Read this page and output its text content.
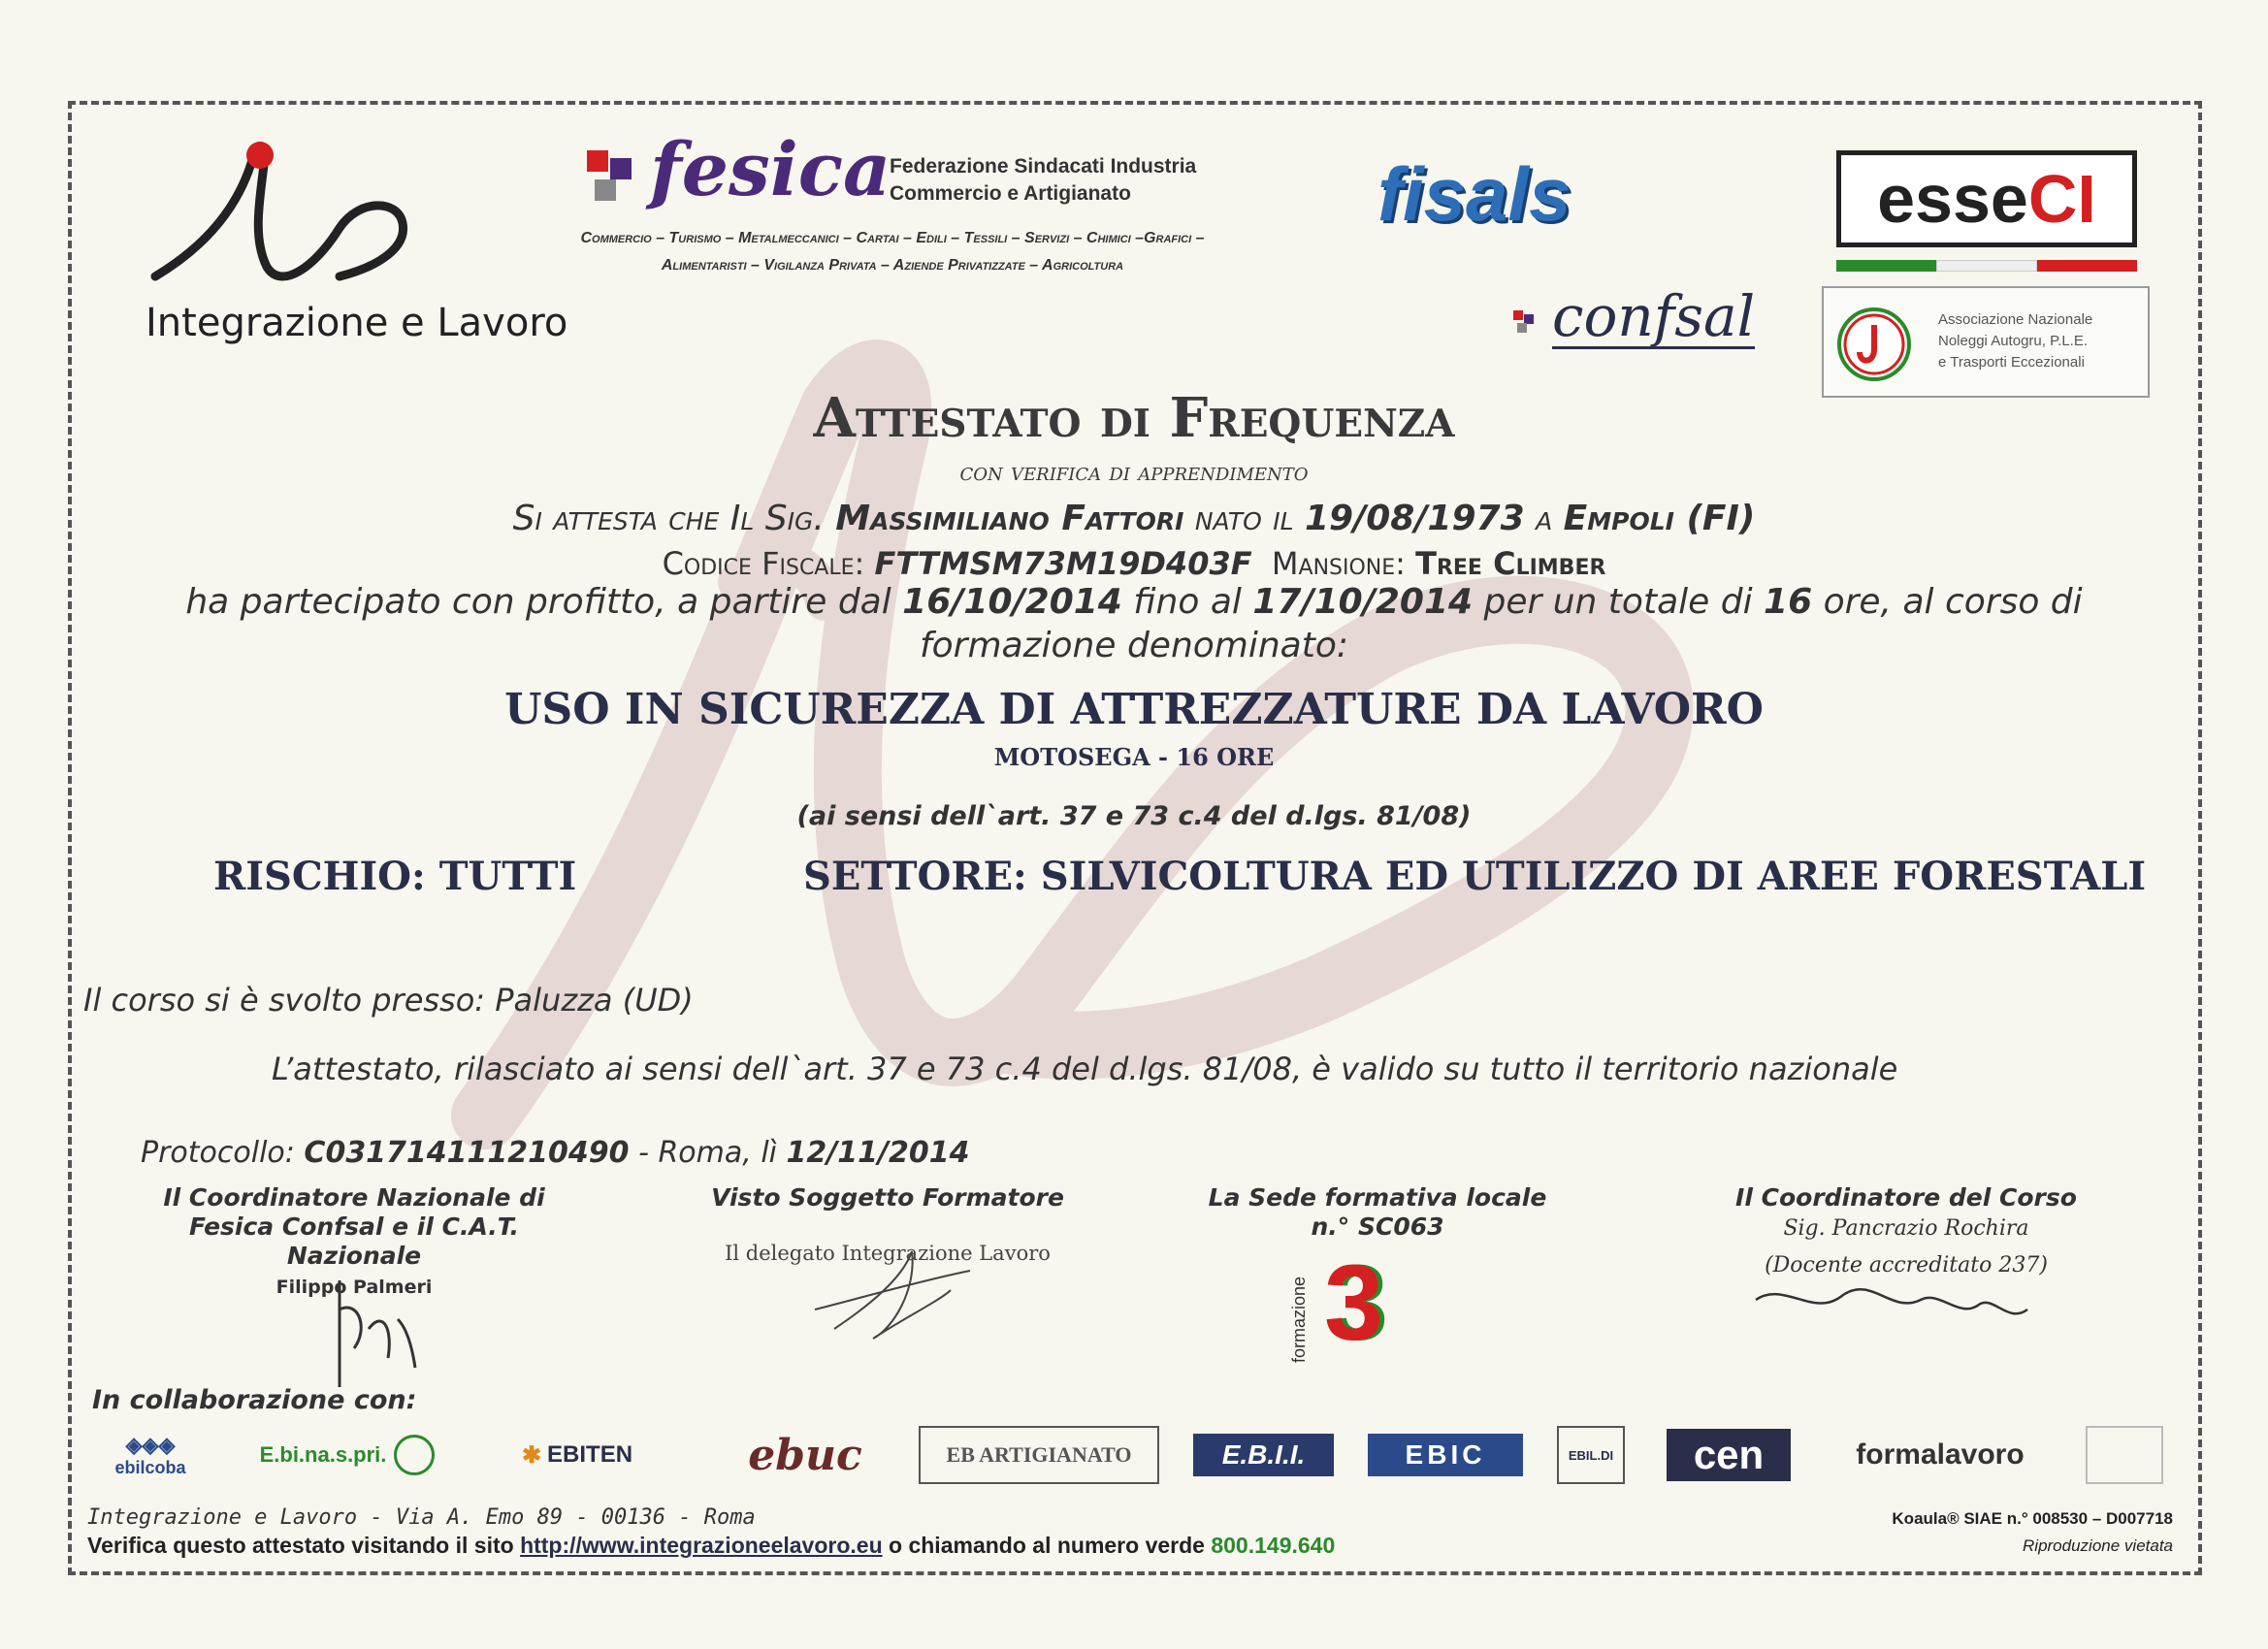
Integrazione e Lavoro
fesica
Federazione Sindacati Industria
Commercio e Artigianato
Commercio – Turismo – Metalmeccanici – Cartai – Edili – Tessili – Servizi – Chimici –Grafici –
Alimentaristi – Vigilanza Privata – Aziende Privatizzate – Agricoltura
fisals
confsal
esse CI
Associazione Nazionale
Noleggi Autogru, P.L.E.
e Trasporti Eccezionali
Attestato di Frequenza
con verifica di apprendimento
Si attesta che Il Sig. Massimiliano Fattori nato il 19/08/1973 a Empoli (FI)
Codice Fiscale: FTTMSM73M19D403F  Mansione: Tree Climber
ha partecipato con profitto, a partire dal 16/10/2014 fino al 17/10/2014 per un totale di 16 ore, al corso di
formazione denominato:
USO IN SICUREZZA DI ATTREZZATURE DA LAVORO
MOTOSEGA - 16 ORE
(ai sensi dell`art. 37 e 73 c.4 del d.lgs. 81/08)
RISCHIO: TUTTI	SETTORE: SILVICOLTURA ED UTILIZZO DI AREE FORESTALI
Il corso si è svolto presso: Paluzza (UD)
L’attestato, rilasciato ai sensi dell`art. 37 e 73 c.4 del d.lgs. 81/08, è valido su tutto il territorio nazionale
Protocollo: C031714111210490 - Roma, lì 12/11/2014
Il Coordinatore Nazionale di
Fesica Confsal e il C.A.T.
Nazionale
Filippo Palmeri
Visto Soggetto Formatore
Il delegato Integrazione Lavoro
La Sede formativa locale
n.° SC063
formazione 3
Il Coordinatore del Corso
Sig. Pancrazio Rochira
(Docente accreditato 237)
In collaborazione con:
◈◈◈
ebilcoba
E.bi.na.s.pri.	✱ EBITEN	ebuc	EB ARTIGIANATO	E.B.I.I.	EBIC	EBIL.DI	cen	formalavoro
Integrazione e Lavoro - Via A. Emo 89 - 00136 - Roma
Verifica questo attestato visitando il sito http://www.integrazioneelavoro.eu o chiamando al numero verde 800.149.640
Koaula® SIAE n.° 008530 – D007718
Riproduzione vietata
